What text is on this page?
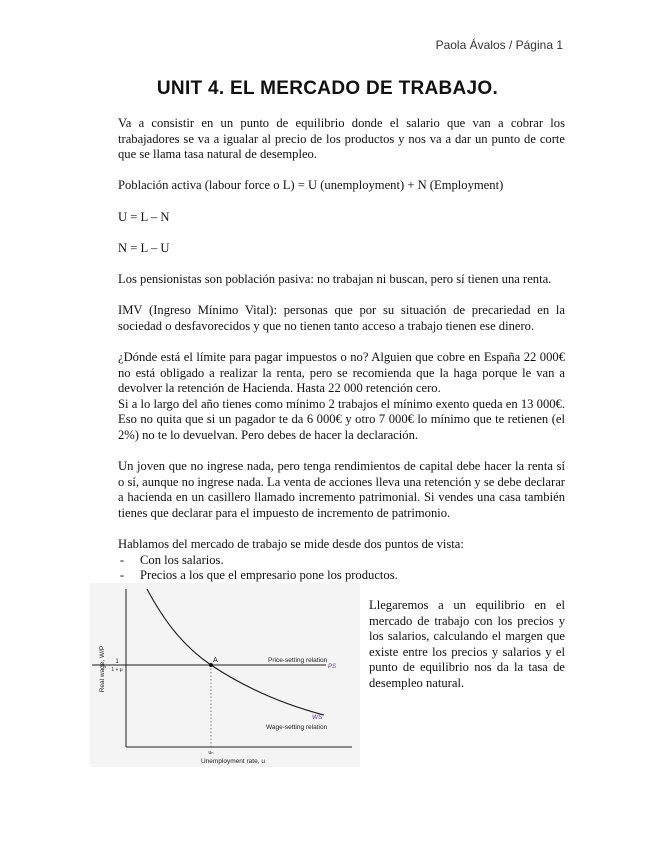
Paola Ávalos / Página 1
UNIT 4. EL MERCADO DE TRABAJO.

Va a consistir en un punto de equilibrio donde el salario que van a cobrar los trabajadores se va a igualar al precio de los productos y nos va a dar un punto de corte que se llama tasa natural de desempleo.

Población activa (labour force o L) = U (unemployment) + N (Employment)

U = L – N

N = L – U

Los pensionistas son población pasiva: no trabajan ni buscan, pero sí tienen una renta.

IMV (Ingreso Mínimo Vital): personas que por su situación de precariedad en la sociedad o desfavorecidos y que no tienen tanto acceso a trabajo tienen ese dinero.

¿Dónde está el límite para pagar impuestos o no? Alguien que cobre en España 22 000€ no está obligado a realizar la renta, pero se recomienda que la haga porque le van a devolver la retención de Hacienda. Hasta 22 000 retención cero.

Si a lo largo del año tienes como mínimo 2 trabajos el mínimo exento queda en 13 000€. Eso no quita que si un pagador te da 6 000€ y otro 7 000€ lo mínimo que te retienen (el 2%) no te lo devuelvan. Pero debes de hacer la declaración.

Un joven que no ingrese nada, pero tenga rendimientos de capital debe hacer la renta sí o sí, aunque no ingrese nada. La venta de acciones lleva una retención y se debe declarar a hacienda en un casillero llamado incremento patrimonial. Si vendes una casa también tienes que declarar para el impuesto de incremento de patrimonio.

Hablamos del mercado de trabajo se mide desde dos puntos de vista:

-	Con los salarios.
-	Precios a los que el empresario pone los productos.
A
Real wage, W/P 1
1 + μ
Price-setting relation
PS
WS
Wage-setting relation
uₙ
Unemployment rate, u
Llegaremos a un equilibrio en el mercado de trabajo con los precios y los salarios, calculando el margen que existe entre los precios y salarios y el punto de equilibrio nos da la tasa de desempleo natural.
